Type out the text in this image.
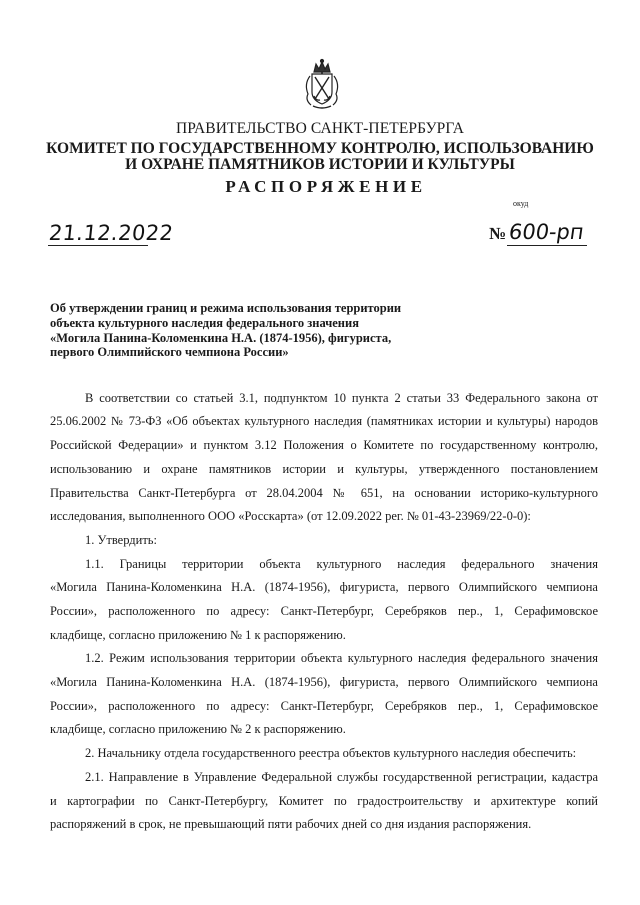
ПРАВИТЕЛЬСТВО САНКТ-ПЕТЕРБУРГА
КОМИТЕТ ПО ГОСУДАРСТВЕННОМУ КОНТРОЛЮ, ИСПОЛЬЗОВАНИЮ
И ОХРАНЕ ПАМЯТНИКОВ ИСТОРИИ И КУЛЬТУРЫ
РАСПОРЯЖЕНИЕ
окуд
21.12.2022	№ 600-рп
Об утверждении границ и режима использования территории
объекта культурного наследия федерального значения
«Могила Панина-Коломенкина Н.А. (1874-1956), фигуриста,
первого Олимпийского чемпиона России»
В соответствии со статьей 3.1, подпунктом 10 пункта 2 статьи 33 Федерального закона от
25.06.2002 № 73-ФЗ «Об объектах культурного наследия (памятниках истории и культуры) народов
Российской Федерации» и пунктом 3.12 Положения о Комитете по государственному контролю,
использованию и охране памятников истории и культуры, утвержденного постановлением
Правительства Санкт-Петербурга от 28.04.2004 № 651, на основании историко-культурного
исследования, выполненного ООО «Росскарта» (от 12.09.2022 рег. № 01-43-23969/22-0-0):
1. Утвердить:
1.1. Границы территории объекта культурного наследия федерального значения
«Могила Панина-Коломенкина Н.А. (1874-1956), фигуриста, первого Олимпийского чемпиона
России», расположенного по адресу: Санкт-Петербург, Серебряков пер., 1, Серафимовское
кладбище, согласно приложению № 1 к распоряжению.
1.2. Режим использования территории объекта культурного наследия федерального значения
«Могила Панина-Коломенкина Н.А. (1874-1956), фигуриста, первого Олимпийского чемпиона
России», расположенного по адресу: Санкт-Петербург, Серебряков пер., 1, Серафимовское
кладбище, согласно приложению № 2 к распоряжению.
2. Начальнику отдела государственного реестра объектов культурного наследия обеспечить:
2.1. Направление в Управление Федеральной службы государственной регистрации, кадастра
и картографии по Санкт-Петербургу, Комитет по градостроительству и архитектуре копий
распоряжений в срок, не превышающий пяти рабочих дней со дня издания распоряжения.
